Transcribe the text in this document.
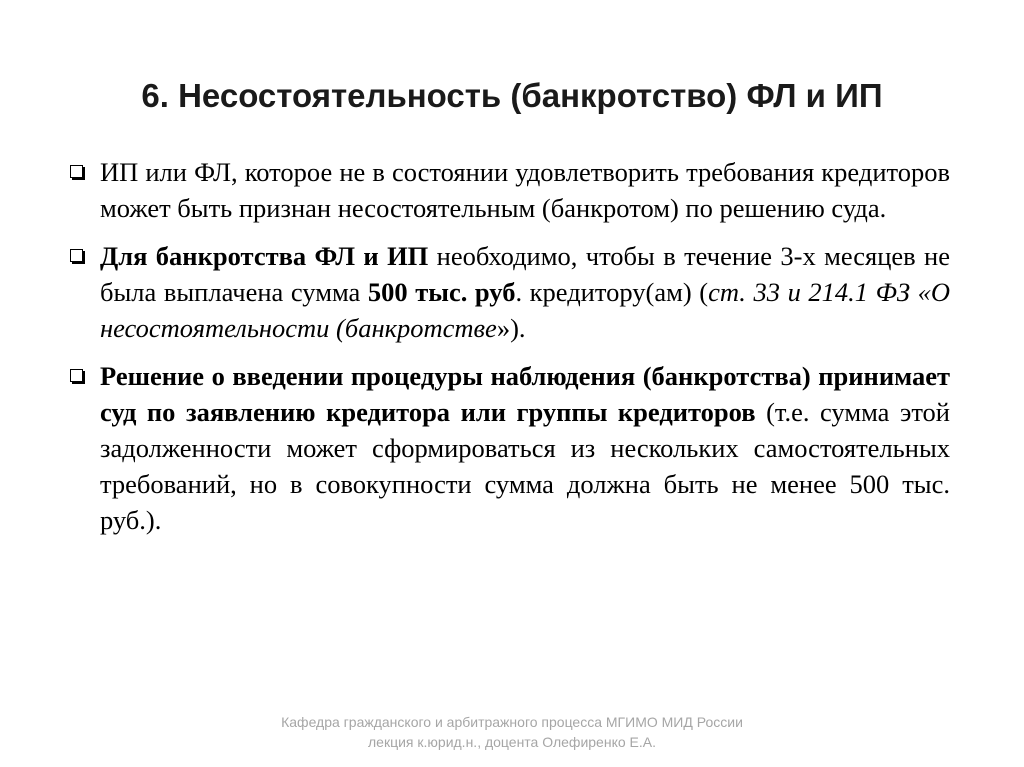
6. Несостоятельность (банкротство) ФЛ и ИП
ИП или ФЛ, которое не в состоянии удовлетворить требования кредиторов может быть признан несостоятельным (банкротом) по решению суда.
Для банкротства ФЛ и ИП необходимо, чтобы в течение 3-х месяцев не была выплачена сумма 500 тыс. руб. кредитору(ам) (ст. 33 и 214.1 ФЗ «О несостоятельности (банкротстве»).
Решение о введении процедуры наблюдения (банкротства) принимает суд по заявлению кредитора или группы кредиторов (т.е. сумма этой задолженности может сформироваться из нескольких самостоятельных требований, но в совокупности сумма должна быть не менее 500 тыс. руб.).
Кафедра гражданского и арбитражного процесса МГИМО МИД России
лекция к.юрид.н., доцента Олефиренко Е.А.
